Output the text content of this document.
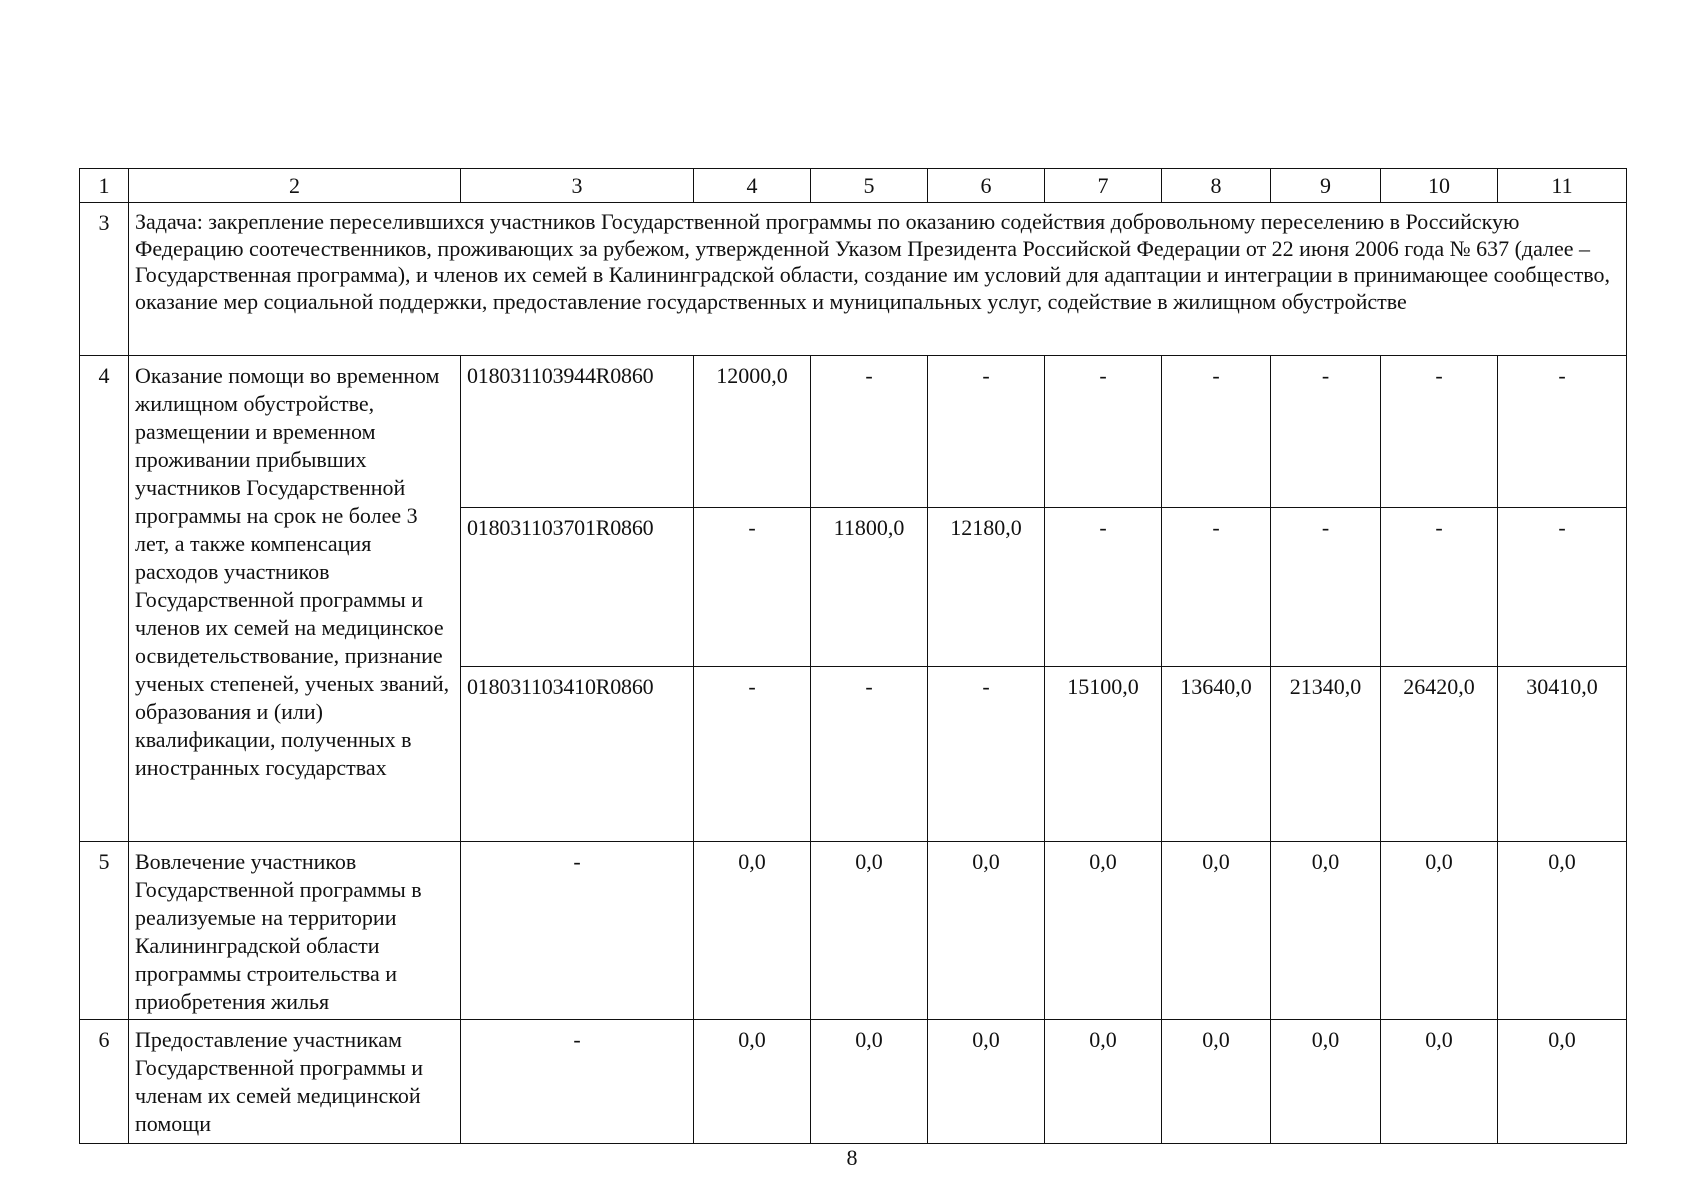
1	2	3	4	5	6	7	8	9	10	11
3	Задача: закрепление переселившихся участников Государственной программы по оказанию содействия добровольному переселению в Российскую Федерацию соотечественников, проживающих за рубежом, утвержденной Указом Президента Российской Федерации от 22 июня 2006 года № 637 (далее – Государственная программа), и членов их семей в Калининградской области, создание им условий для адаптации и интеграции в принимающее сообщество, оказание мер социальной поддержки, предоставление государственных и муниципальных услуг, содействие в жилищном обустройстве									
4	Оказание помощи во временном жилищном обустройстве, размещении и временном проживании прибывших участников Государственной программы на срок не более 3 лет, а также компенсация расходов участников Государственной программы и членов их семей на медицинское освидетельствование, признание ученых степеней, ученых званий, образования и (или) квалификации, полученных в иностранных государствах	018031103944R0860	12000,0	-	-	-	-	-	-	-
		018031103701R0860	-	11800,0	12180,0	-	-	-	-	-
		018031103410R0860	-	-	-	15100,0	13640,0	21340,0	26420,0	30410,0
5	Вовлечение участников Государственной программы в реализуемые на территории Калининградской области программы строительства и приобретения жилья	-	0,0	0,0	0,0	0,0	0,0	0,0	0,0	0,0
6	Предоставление участникам Государственной программы и членам их семей медицинской помощи	-	0,0	0,0	0,0	0,0	0,0	0,0	0,0	0,0
8
